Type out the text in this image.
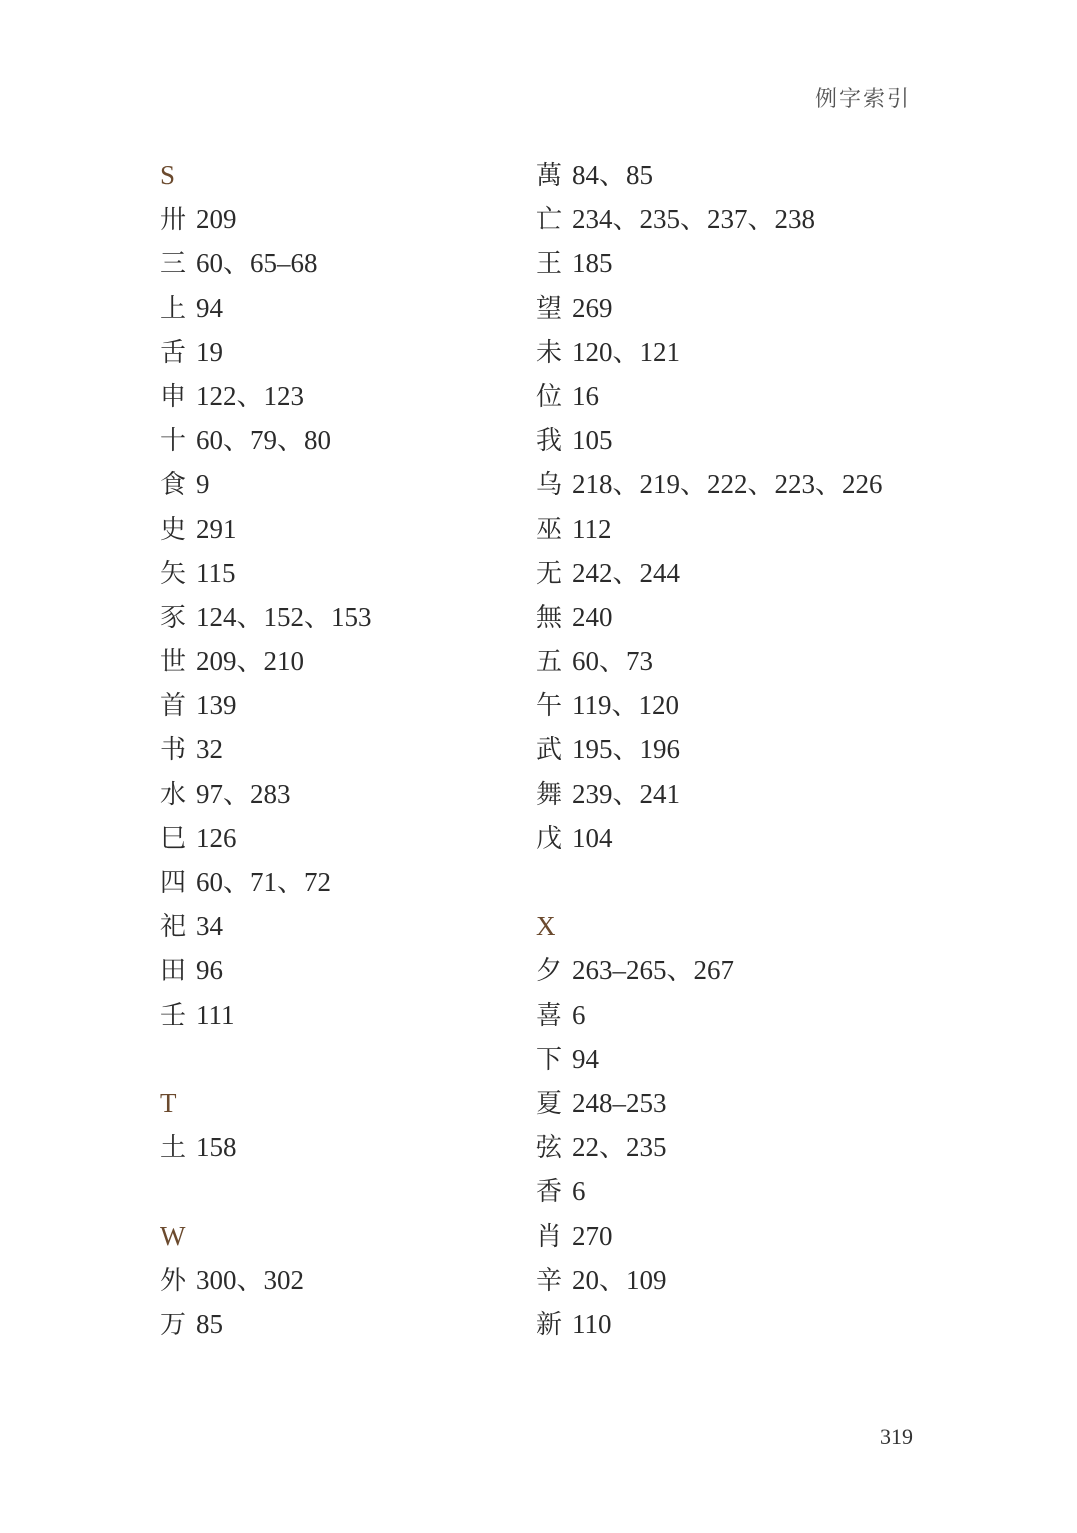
例字索引
S
卅 209
三 60、65–68
上 94
舌 19
申 122、123
十 60、79、80
食 9
史 291
矢 115
豕 124、152、153
世 209、210
首 139
书 32
水 97、283
巳 126
四 60、71、72
祀 34
田 96
壬 111
T
土 158
W
外 300、302
万 85
萬 84、85
亡 234、235、237、238
王 185
望 269
未 120、121
位 16
我 105
乌 218、219、222、223、226
巫 112
无 242、244
無 240
五 60、73
午 119、120
武 195、196
舞 239、241
戊 104
X
夕 263–265、267
喜 6
下 94
夏 248–253
弦 22、235
香 6
肖 270
辛 20、109
新 110
319
